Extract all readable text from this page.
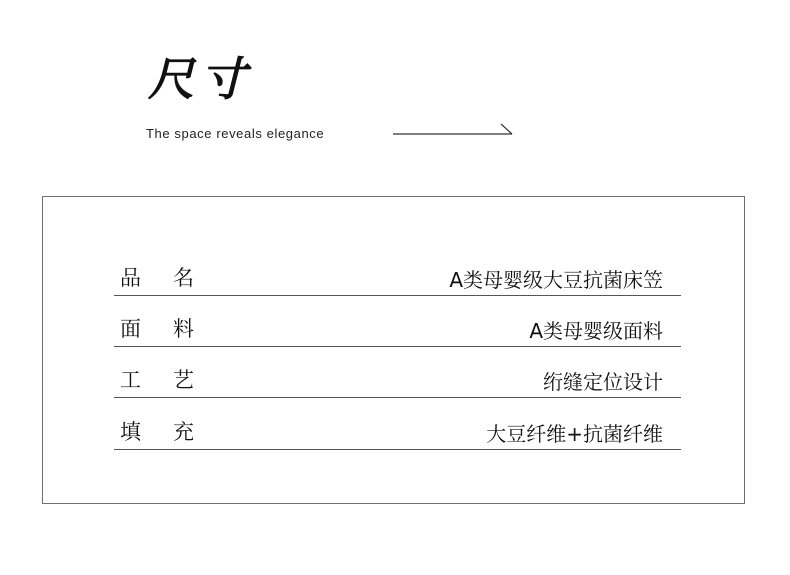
尺寸
The space reveals elegance
品名	A类母婴级大豆抗菌床笠
面料	A类母婴级面料
工艺	绗缝定位设计
填充	大豆纤维+抗菌纤维
